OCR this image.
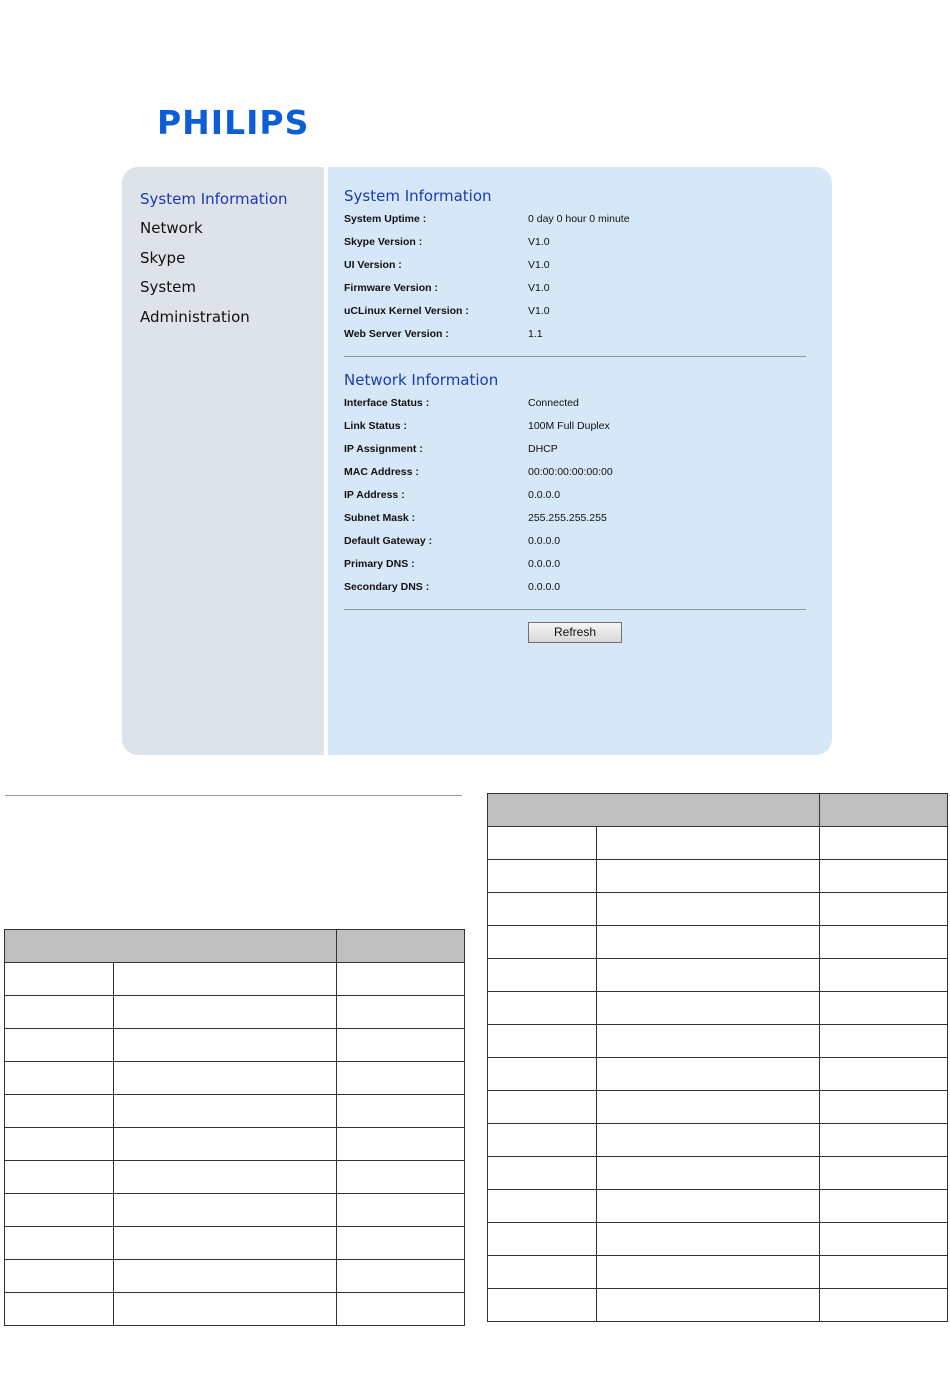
PHILIPS
System Information
Network
Skype
System
Administration
System Information
System Uptime :	0 day 0 hour 0 minute
Skype Version :	V1.0
UI Version :	V1.0
Firmware Version :	V1.0
uCLinux Kernel Version :	V1.0
Web Server Version :	1.1
Network Information
Interface Status :	Connected
Link Status :	100M Full Duplex
IP Assignment :	DHCP
MAC Address :	00:00:00:00:00:00
IP Address :	0.0.0.0
Subnet Mask :	255.255.255.255
Default Gateway :	0.0.0.0
Primary DNS :	0.0.0.0
Secondary DNS :	0.0.0.0
Refresh
